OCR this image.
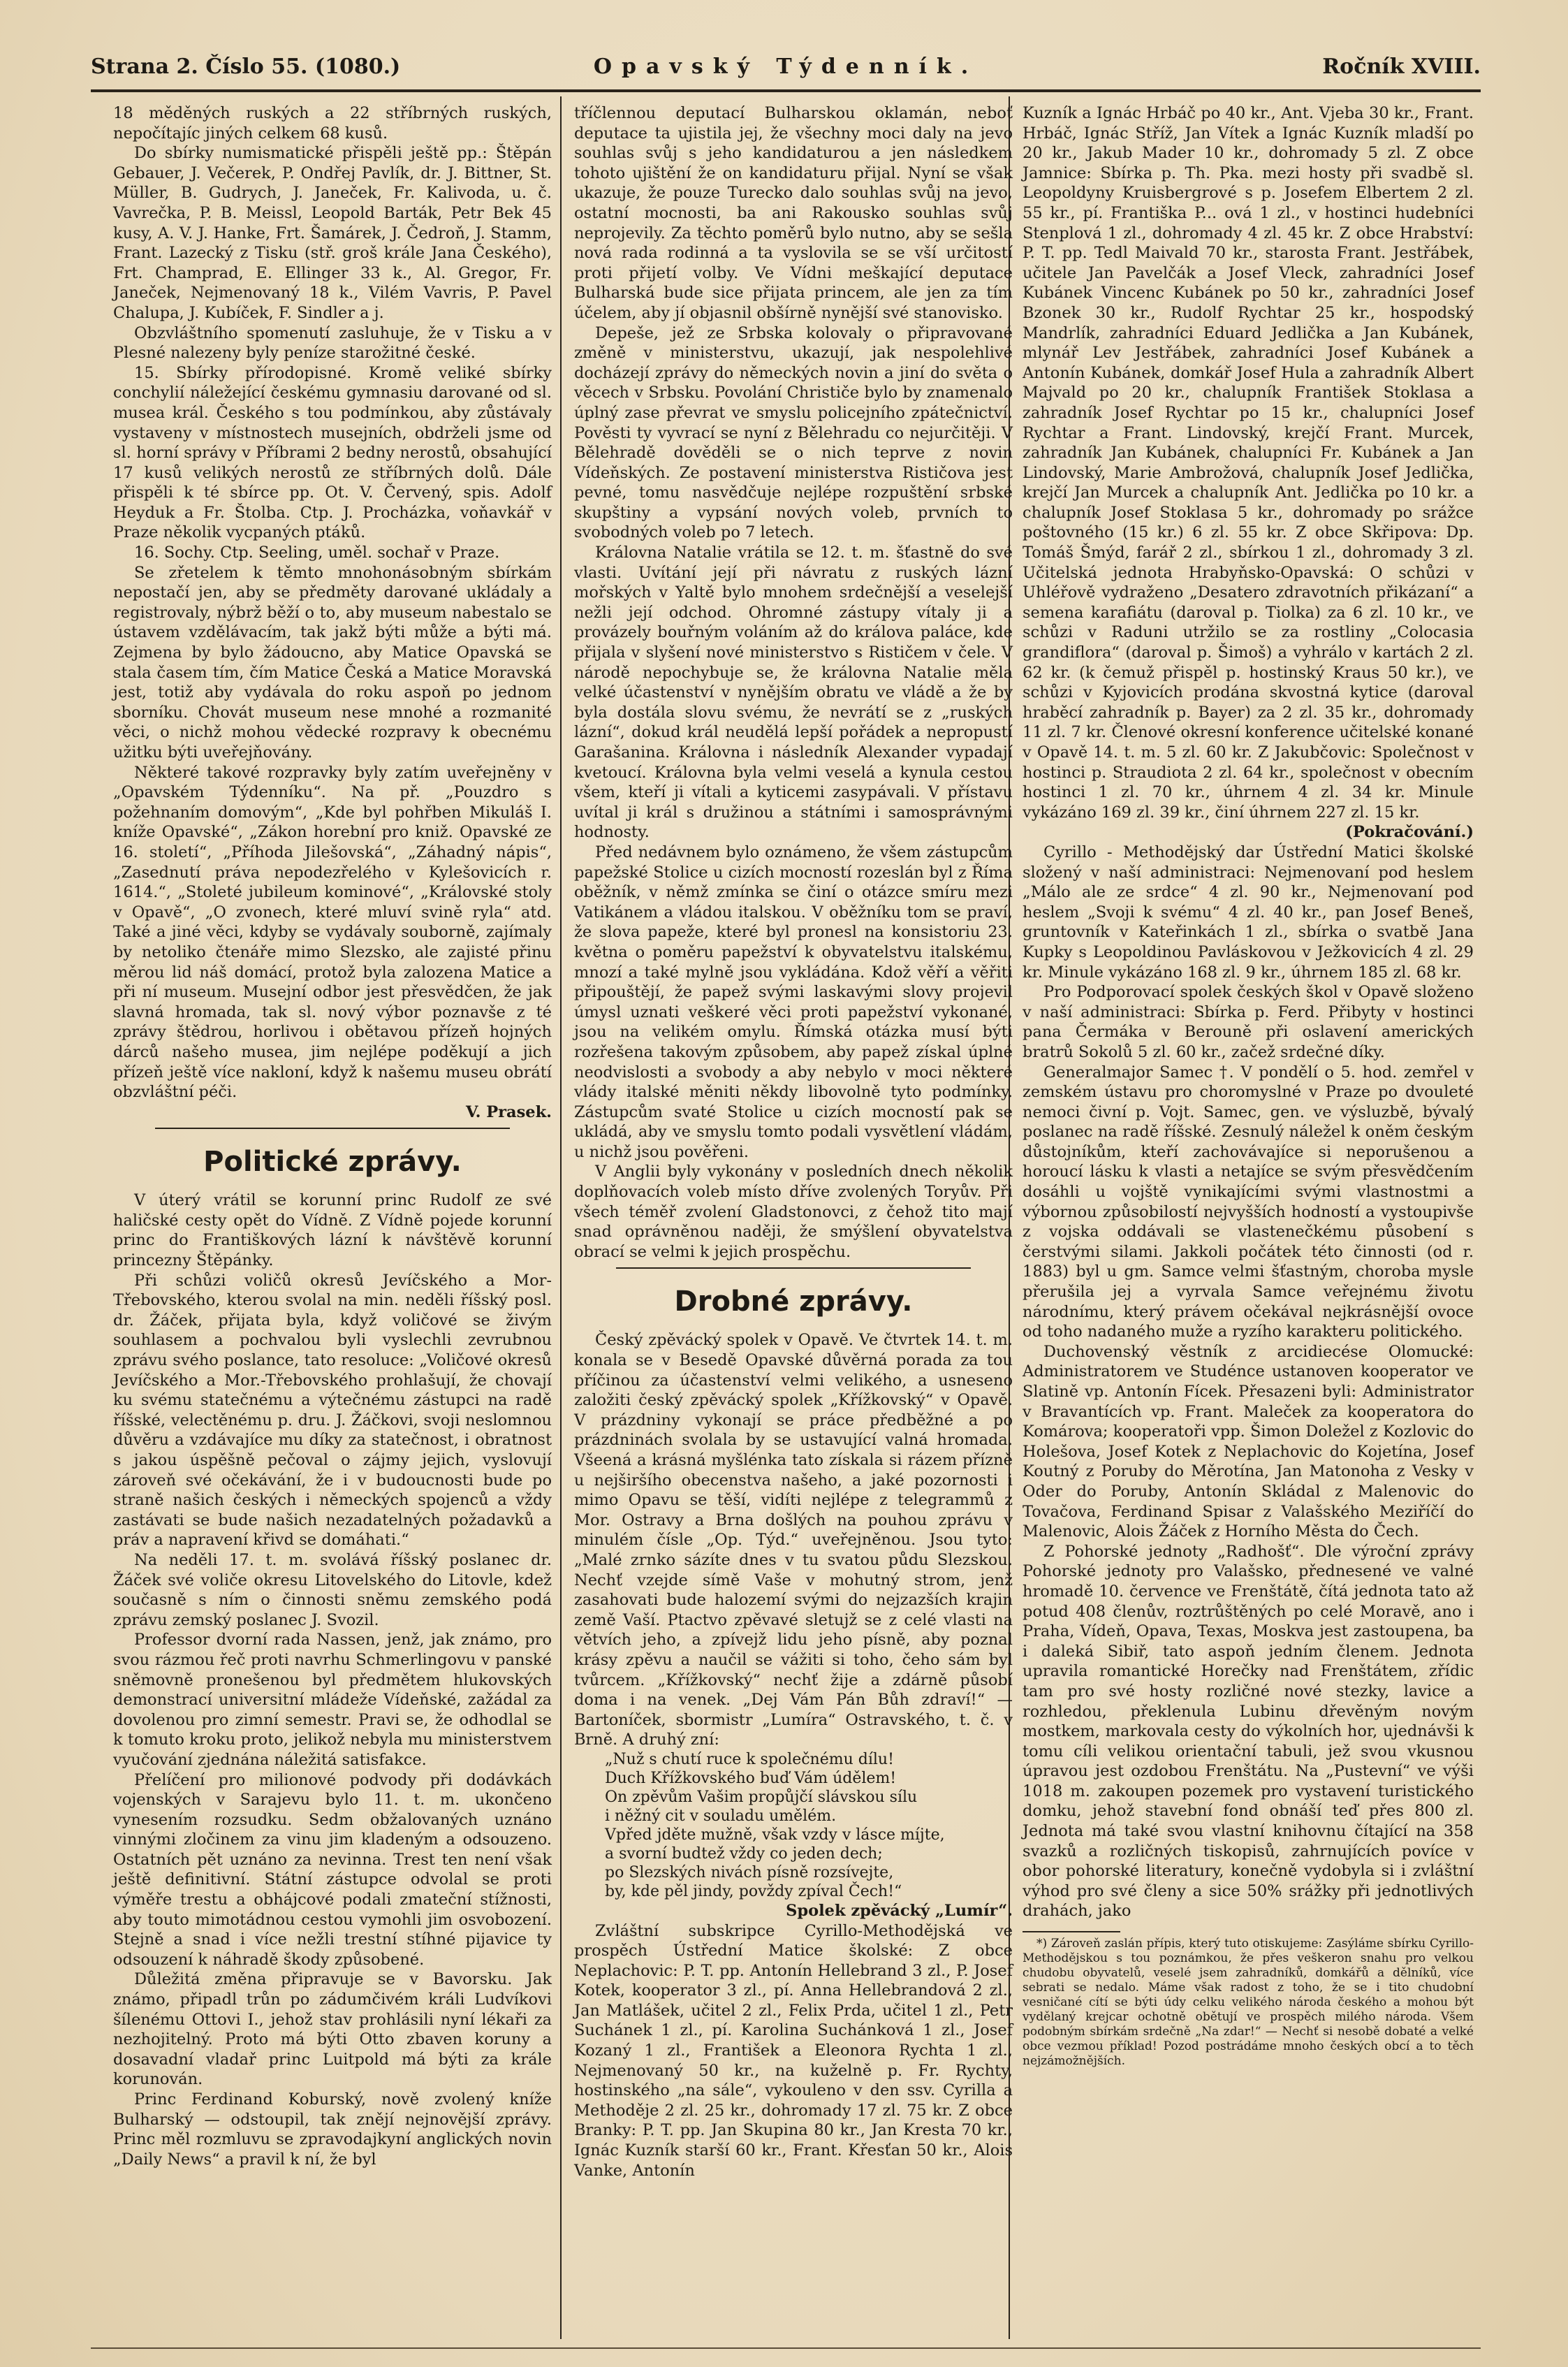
Strana 2. Číslo 55. (1080.)	Opavský Týdenník.	Ročník XVIII.

18 měděných ruských a 22 stříbrných ruských, nepočítajíc jiných celkem 68 kusů.

Do sbírky numismatické přispěli ještě pp.: Štěpán Gebauer, J. Večerek, P. Ondřej Pavlík, dr. J. Bittner, St. Müller, B. Gudrych, J. Janeček, Fr. Kalivoda, u. č. Vavrečka, P. B. Meissl, Leopold Barták, Petr Bek 45 kusy, A. V. J. Hanke, Frt. Šamárek, J. Čedroň, J. Stamm, Frant. Lazecký z Tisku (stř. groš krále Jana Českého), Frt. Champrad, E. Ellinger 33 k., Al. Gregor, Fr. Janeček, Nejmenovaný 18 k., Vilém Vavris, P. Pavel Chalupa, J. Kubíček, F. Sindler a j.

Obzvláštního spomenutí zasluhuje, že v Tisku a v Plesné nalezeny byly peníze starožitné české.

15. Sbírky přírodopisné. Kromě veliké sbírky conchylií náležející českému gymnasiu darované od sl. musea král. Českého s tou podmínkou, aby zůstávaly vystaveny v místnostech musejních, obdrželi jsme od sl. horní správy v Příbrami 2 bedny nerostů, obsahující 17 kusů velikých nerostů ze stříbrných dolů. Dále přispěli k té sbírce pp. Ot. V. Červený, spis. Adolf Heyduk a Fr. Štolba. Ctp. J. Procházka, voňavkář v Praze několik vycpaných ptáků.

16. Sochy. Ctp. Seeling, uměl. sochař v Praze.

Se zřetelem k těmto mnohonásobným sbírkám nepostačí jen, aby se předměty darované ukládaly a registrovaly, nýbrž běží o to, aby museum nabestalo se ústavem vzdělávacím, tak jakž býti může a býti má. Zejmena by bylo žádoucno, aby Matice Opavská se stala časem tím, čím Matice Česká a Matice Moravská jest, totiž aby vydávala do roku aspoň po jednom sborníku. Chovát museum nese mnohé a rozmanité věci, o nichž mohou vědecké rozpravy k obecnému užitku býti uveřejňovány.

Některé takové rozpravky byly zatím uveřejněny v „Opavském Týdenníku“. Na př. „Pouzdro s požehnaním domovým“, „Kde byl pohřben Mikuláš I. kníže Opavské“, „Zákon horební pro kniž. Opavské ze 16. století“, „Příhoda Jilešovská“, „Záhadný nápis“, „Zasednutí práva nepodezřelého v Kylešovicích r. 1614.“, „Stoleté jubileum kominové“, „Královské stoly v Opavě“, „O zvonech, které mluví svině ryla“ atd. Také a jiné věci, kdyby se vydávaly souborně, zajímaly by netoliko čtenáře mimo Slezsko, ale zajisté přinu měrou lid náš domácí, protož byla zalozena Matice a při ní museum. Musejní odbor jest přesvědčen, že jak slavná hromada, tak sl. nový výbor poznavše z té zprávy štědrou, horlivou i obětavou přízeň hojných dárců našeho musea, jim nejlépe poděkují a jich přízeň ještě více nakloní, když k našemu museu obrátí obzvláštní péči.

V. Prasek.

Politické zprávy.

V úterý vrátil se korunní princ Rudolf ze své haličské cesty opět do Vídně. Z Vídně pojede korunní princ do Františkových lázní k návštěvě korunní princezny Štěpánky.

Při schůzi voličů okresů Jevíčského a Mor-Třebovského, kterou svolal na min. neděli říšský posl. dr. Žáček, přijata byla, když voličové se živým souhlasem a pochvalou byli vyslechli zevrubnou zprávu svého poslance, tato resoluce: „Voličové okresů Jevíčského a Mor.-Třebovského prohlašují, že chovají ku svému statečnému a výtečnému zástupci na radě říšské, velectěnému p. dru. J. Žáčkovi, svoji neslomnou důvěru a vzdávajíce mu díky za statečnost, i obratnost s jakou úspěšně pečoval o zájmy jejich, vyslovují zároveň své očekávání, že i v budoucnosti bude po straně našich českých i německých spojenců a vždy zastávati se bude našich nezadatelných požadavků a práv a napravení křivd se domáhati.“

Na neděli 17. t. m. svolává říšský poslanec dr. Žáček své voliče okresu Litovelského do Litovle, kdež současně s ním o činnosti sněmu zemského podá zprávu zemský poslanec J. Svozil.

Professor dvorní rada Nassen, jenž, jak známo, pro svou rázmou řeč proti navrhu Schmerlingovu v panské sněmovně pronešenou byl předmětem hlukovských demonstrací universitní mládeže Vídeňské, zažádal za dovolenou pro zimní semestr. Pravi se, že odhodlal se k tomuto kroku proto, jelikož nebyla mu ministerstvem vyučování zjednána náležitá satisfakce.

Přelíčení pro milionové podvody při dodávkách vojenských v Sarajevu bylo 11. t. m. ukončeno vynesením rozsudku. Sedm obžalovaných uznáno vinnými zločinem za vinu jim kladeným a odsouzeno. Ostatních pět uznáno za nevinna. Trest ten není však ještě definitivní. Státní zástupce odvolal se proti výměře trestu a obhájcové podali zmateční stížnosti, aby touto mimotádnou cestou vymohli jim osvobození. Stejně a snad i více nežli trestní stíhné pijavice ty odsouzení k náhradě škody způsobené.

Důležitá změna připravuje se v Bavorsku. Jak známo, připadl trůn po zádumčivém králi Ludvíkovi šílenému Ottovi I., jehož stav prohlásili nyní lékaři za nezhojitelný. Proto má býti Otto zbaven koruny a dosavadní vladař princ Luitpold má býti za krále korunován.

Princ Ferdinand Koburský, nově zvolený kníže Bulharský — odstoupil, tak znějí nejnovější zprávy. Princ měl rozmluvu se zpravodajkyní anglických novin „Daily News“ a pravil k ní, že byl

tříčlennou deputací Bulharskou oklamán, neboť deputace ta ujistila jej, že všechny moci daly na jevo souhlas svůj s jeho kandidaturou a jen následkem tohoto ujištění že on kandidaturu přijal. Nyní se však ukazuje, že pouze Turecko dalo souhlas svůj na jevo, ostatní mocnosti, ba ani Rakousko souhlas svůj neprojevily. Za těchto poměrů bylo nutno, aby se sešla nová rada rodinná a ta vyslovila se se vší určitostí proti přijetí volby. Ve Vídni meškající deputace Bulharská bude sice přijata princem, ale jen za tím účelem, aby jí objasnil obšírně nynější své stanovisko.

Depeše, jež ze Srbska kolovaly o připravované změně v ministerstvu, ukazují, jak nespolehlivé docházejí zprávy do německých novin a jiní do světa o věcech v Srbsku. Povolání Christiče bylo by znamenalo úplný zase převrat ve smyslu policejního zpátečnictví. Pověsti ty vyvrací se nyní z Bělehradu co nejurčitěji. V Bělehradě dověděli se o nich teprve z novin Vídeňských. Ze postavení ministerstva Rističova jest pevné, tomu nasvědčuje nejlépe rozpuštění srbské skupštiny a vypsání nových voleb, prvních to svobodných voleb po 7 letech.

Královna Natalie vrátila se 12. t. m. šťastně do své vlasti. Uvítání její při návratu z ruských lázní mořských v Yaltě bylo mnohem srdečnější a veselejší nežli její odchod. Ohromné zástupy vítaly ji a provázely bouřným voláním až do králova paláce, kde přijala v slyšení nové ministerstvo s Rističem v čele. V národě nepochybuje se, že královna Natalie měla velké účastenství v nynějším obratu ve vládě a že by byla dostála slovu svému, že nevrátí se z „ruských lázní“, dokud král neudělá lepší pořádek a nepropustí Garašanina. Královna i následník Alexander vypadají kvetoucí. Královna byla velmi veselá a kynula cestou všem, kteří ji vítali a kyticemi zasypávali. V přístavu uvítal ji král s družinou a státními i samosprávnými hodnosty.

Před nedávnem bylo oznámeno, že všem zástupcům papežské Stolice u cizích mocností rozeslán byl z Říma oběžník, v němž zmínka se činí o otázce smíru mezi Vatikánem a vládou italskou. V oběžníku tom se praví, že slova papeže, které byl pronesl na konsistoriu 23. května o poměru papežství k obyvatelstvu italskému, mnozí a také mylně jsou vykládána. Kdož věří a věřiti připouštějí, že papež svými laskavými slovy projevil úmysl uznati veškeré věci proti papežství vykonané, jsou na velikém omylu. Římská otázka musí býti rozřešena takovým způsobem, aby papež získal úplné neodvislosti a svobody a aby nebylo v moci některé vlády italské měniti někdy libovolně tyto podmínky. Zástupcům svaté Stolice u cizích mocností pak se ukládá, aby ve smyslu tomto podali vysvětlení vládám, u nichž jsou pověřeni.

V Anglii byly vykonány v posledních dnech několik doplňovacích voleb místo dříve zvolených Toryův. Při všech téměř zvolení Gladstonovci, z čehož tito mají snad oprávněnou naději, že smýšlení obyvatelstva obrací se velmi k jejich prospěchu.

Drobné zprávy.

Český zpěvácký spolek v Opavě. Ve čtvrtek 14. t. m. konala se v Besedě Opavské důvěrná porada za tou příčinou za účastenství velmi velikého, a usneseno založiti český zpěvácký spolek „Křížkovský“ v Opavě. V prázdniny vykonají se práce předběžné a po prázdninách svolala by se ustavující valná hromada. Všeená a krásná myšlénka tato získala si rázem přízně u nejširšího obecenstva našeho, a jaké pozornosti i mimo Opavu se těší, vidíti nejlépe z telegrammů z Mor. Ostravy a Brna došlých na pouhou zprávu v minulém čísle „Op. Týd.“ uveřejněnou. Jsou tyto: „Malé zrnko sázíte dnes v tu svatou půdu Slezskou. Nechť vzejde símě Vaše v mohutný strom, jenž zasahovati bude halozemí svými do nejzazších krajin země Vaší. Ptactvo zpěvavé sletujž se z celé vlasti na větvích jeho, a zpívejž lidu jeho písně, aby poznal krásy zpěvu a naučil se vážiti si toho, čeho sám byl tvůrcem. „Křížkovský“ nechť žije a zdárně působí doma i na venek. „Dej Vám Pán Bůh zdraví!“ — Bartoníček, sbormistr „Lumíra“ Ostravského, t. č. v Brně. A druhý zní:

„Nuž s chutí ruce k společnému dílu!

Duch Křížkovského buď Vám údělem!

On zpěvům Vašim propůjčí slávskou sílu

i něžný cit v souladu umělém.

Vpřed jděte mužně, však vzdy v lásce míjte,

a svorní budtež vždy co jeden dech;

po Slezských nivách písně rozsívejte,

by, kde pěl jindy, povždy zpíval Čech!“

Spolek zpěvácký „Lumír“.

Zvláštní subskripce Cyrillo-Methodějská ve prospěch Ústřední Matice školské: Z obce Neplachovic: P. T. pp. Antonín Hellebrand 3 zl., P. Josef Kotek, kooperator 3 zl., pí. Anna Hellebrandová 2 zl., Jan Matlášek, učitel 2 zl., Felix Prda, učitel 1 zl., Petr Suchánek 1 zl., pí. Karolina Suchánková 1 zl., Josef Kozaný 1 zl., František a Eleonora Rychta 1 zl., Nejmenovaný 50 kr., na kuželně p. Fr. Rychty, hostinského „na sále“, vykouleno v den ssv. Cyrilla a Methoděje 2 zl. 25 kr., dohromady 17 zl. 75 kr. Z obce Branky: P. T. pp. Jan Skupina 80 kr., Jan Kresta 70 kr., Ignác Kuzník starší 60 kr., Frant. Křesťan 50 kr., Alois Vanke, Antonín

Kuzník a Ignác Hrbáč po 40 kr., Ant. Vjeba 30 kr., Frant. Hrbáč, Ignác Stříž, Jan Vítek a Ignác Kuzník mladší po 20 kr., Jakub Mader 10 kr., dohromady 5 zl. Z obce Jamnice: Sbírka p. Th. Pka. mezi hosty při svadbě sl. Leopoldyny Kruisbergrové s p. Josefem Elbertem 2 zl. 55 kr., pí. Františka P... ová 1 zl., v hostinci hudebníci Stenplová 1 zl., dohromady 4 zl. 45 kr. Z obce Hrabství: P. T. pp. Tedl Maivald 70 kr., starosta Frant. Jestřábek, učitele Jan Pavelčák a Josef Vleck, zahradníci Josef Kubánek Vincenc Kubánek po 50 kr., zahradníci Josef Bzonek 30 kr., Rudolf Rychtar 25 kr., hospodský Mandrlík, zahradníci Eduard Jedlička a Jan Kubánek, mlynář Lev Jestřábek, zahradníci Josef Kubánek a Antonín Kubánek, domkář Josef Hula a zahradník Albert Majvald po 20 kr., chalupník František Stoklasa a zahradník Josef Rychtar po 15 kr., chalupníci Josef Rychtar a Frant. Lindovský, krejčí Frant. Murcek, zahradník Jan Kubánek, chalupníci Fr. Kubánek a Jan Lindovský, Marie Ambrožová, chalupník Josef Jedlička, krejčí Jan Murcek a chalupník Ant. Jedlička po 10 kr. a chalupník Josef Stoklasa 5 kr., dohromady po srážce poštovného (15 kr.) 6 zl. 55 kr. Z obce Skřipova: Dp. Tomáš Šmýd, farář 2 zl., sbírkou 1 zl., dohromady 3 zl. Učitelská jednota Hrabyňsko-Opavská: O schůzi v Uhléřově vydraženo „Desatero zdravotních přikázaní“ a semena karafiátu (daroval p. Tiolka) za 6 zl. 10 kr., ve schůzi v Raduni utržilo se za rostliny „Colocasia grandiflora“ (daroval p. Šimoš) a vyhrálo v kartách 2 zl. 62 kr. (k čemuž přispěl p. hostinský Kraus 50 kr.), ve schůzi v Kyjovicích prodána skvostná kytice (daroval hraběcí zahradník p. Bayer) za 2 zl. 35 kr., dohromady 11 zl. 7 kr. Členové okresní konference učitelské konané v Opavě 14. t. m. 5 zl. 60 kr. Z Jakubčovic: Společnost v hostinci p. Straudiota 2 zl. 64 kr., společnost v obecním hostinci 1 zl. 70 kr., úhrnem 4 zl. 34 kr. Minule vykázáno 169 zl. 39 kr., činí úhrnem 227 zl. 15 kr.

(Pokračování.)

Cyrillo - Methodějský dar Ústřední Matici školské složený v naší administraci: Nejmenovaní pod heslem „Málo ale ze srdce“ 4 zl. 90 kr., Nejmenovaní pod heslem „Svoji k svému“ 4 zl. 40 kr., pan Josef Beneš, gruntovník v Kateřinkách 1 zl., sbírka o svatbě Jana Kupky s Leopoldinou Pavláskovou v Ježkovicích 4 zl. 29 kr. Minule vykázáno 168 zl. 9 kr., úhrnem 185 zl. 68 kr.

Pro Podporovací spolek českých škol v Opavě složeno v naší administraci: Sbírka p. Ferd. Přibyty v hostinci pana Čermáka v Berouně při oslavení amerických bratrů Sokolů 5 zl. 60 kr., začež srdečné díky.

Generalmajor Samec †. V pondělí o 5. hod. zemřel v zemském ústavu pro choromyslné v Praze po dvouleté nemoci čivní p. Vojt. Samec, gen. ve výsluzbě, bývalý poslanec na radě říšské. Zesnulý náležel k oněm českým důstojníkům, kteří zachovávajíce si neporušenou a horoucí lásku k vlasti a netajíce se svým přesvědčením dosáhli u vojště vynikajícími svými vlastnostmi a výbornou způsobilostí nejvyšších hodností a vystoupivše z vojska oddávali se vlastenečkému působení s čerstvými silami. Jakkoli počátek této činnosti (od r. 1883) byl u gm. Samce velmi šťastným, choroba mysle přerušila jej a vyrvala Samce veřejnému životu národnímu, který právem očekával nejkrásnější ovoce od toho nadaného muže a ryzího karakteru politického.

Duchovenský věstník z arcidiecése Olomucké: Administratorem ve Studénce ustanoven kooperator ve Slatině vp. Antonín Fícek. Přesazeni byli: Administrator v Bravantících vp. Frant. Maleček za kooperatora do Komárova; kooperatoři vpp. Šimon Doležel z Kozlovic do Holešova, Josef Kotek z Neplachovic do Kojetína, Josef Koutný z Poruby do Měrotína, Jan Matonoha z Vesky v Oder do Poruby, Antonín Skládal z Malenovic do Tovačova, Ferdinand Spisar z Valašského Meziříčí do Malenovic, Alois Žáček z Horního Města do Čech.

Z Pohorské jednoty „Radhošť“. Dle výroční zprávy Pohorské jednoty pro Valašsko, přednesené ve valné hromadě 10. července ve Frenštátě, čítá jednota tato až potud 408 členův, roztrůštěných po celé Moravě, ano i Praha, Vídeň, Opava, Texas, Moskva jest zastoupena, ba i daleká Sibiř, tato aspoň jedním členem. Jednota upravila romantické Horečky nad Frenštátem, zřídic tam pro své hosty rozličné nové stezky, lavice a rozhledou, překlenula Lubinu dřevěným novým mostkem, markovala cesty do výkolních hor, ujednávši k tomu cíli velikou orientační tabuli, jež svou vkusnou úpravou jest ozdobou Frenštátu. Na „Pustevní“ ve výši 1018 m. zakoupen pozemek pro vystavení turistického domku, jehož stavební fond obnáší teď přes 800 zl. Jednota má také svou vlastní knihovnu čítající na 358 svazků a rozličných tiskopisů, zahrnujících povíce v obor pohorské literatury, konečně vydobyla si i zvláštní výhod pro své členy a sice 50% srážky při jednotlivých drahách, jako

*) Zároveň zaslán přípis, který tuto otiskujeme: Zasýláme sbírku Cyrillo-Methodějskou s tou poznámkou, že přes veškeron snahu pro velkou chudobu obyvatelů, veselé jsem zahradníků, domkářů a dělníků, více sebrati se nedalo. Máme však radost z toho, že se i tito chudobní vesničané cítí se býti údy celku velikého národa českého a mohou být vydělaný krejcar ochotně obětují ve prospěch milého národa. Všem podobným sbírkám srdečně „Na zdar!“ — Nechť si nesobě dobaté a velké obce vezmou příklad! Pozod postrádáme mnoho českých obcí a to těch nejzámožnějších.
